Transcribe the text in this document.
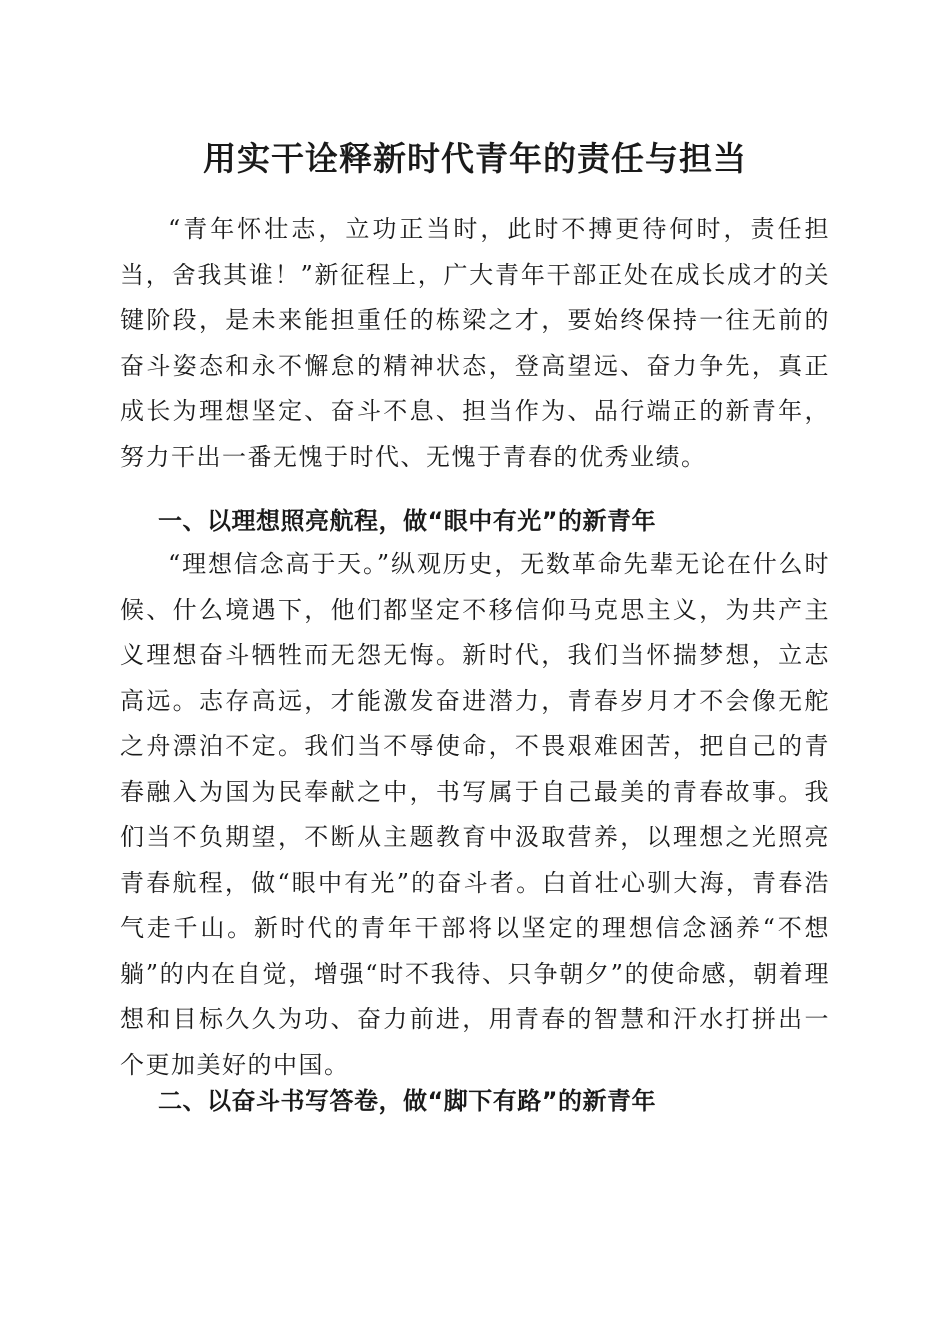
用实干诠释新时代青年的责任与担当

“青年怀壮志，立功正当时，此时不搏更待何时，责任担当，舍我其谁！”新征程上，广大青年干部正处在成长成才的关键阶段，是未来能担重任的栋梁之才，要始终保持一往无前的奋斗姿态和永不懈怠的精神状态，登高望远、奋力争先，真正成长为理想坚定、奋斗不息、担当作为、品行端正的新青年，努力干出一番无愧于时代、无愧于青春的优秀业绩。

一、以理想照亮航程，做“眼中有光”的新青年

“理想信念高于天。”纵观历史，无数革命先辈无论在什么时候、什么境遇下，他们都坚定不移信仰马克思主义，为共产主义理想奋斗牺牲而无怨无悔。新时代，我们当怀揣梦想，立志高远。志存高远，才能激发奋进潜力，青春岁月才不会像无舵之舟漂泊不定。我们当不辱使命，不畏艰难困苦，把自己的青春融入为国为民奉献之中，书写属于自己最美的青春故事。我们当不负期望，不断从主题教育中汲取营养，以理想之光照亮青春航程，做“眼中有光”的奋斗者。白首壮心驯大海，青春浩气走千山。新时代的青年干部将以坚定的理想信念涵养“不想躺”的内在自觉，增强“时不我待、只争朝夕”的使命感，朝着理想和目标久久为功、奋力前进，用青春的智慧和汗水打拼出一个更加美好的中国。

二、以奋斗书写答卷，做“脚下有路”的新青年
